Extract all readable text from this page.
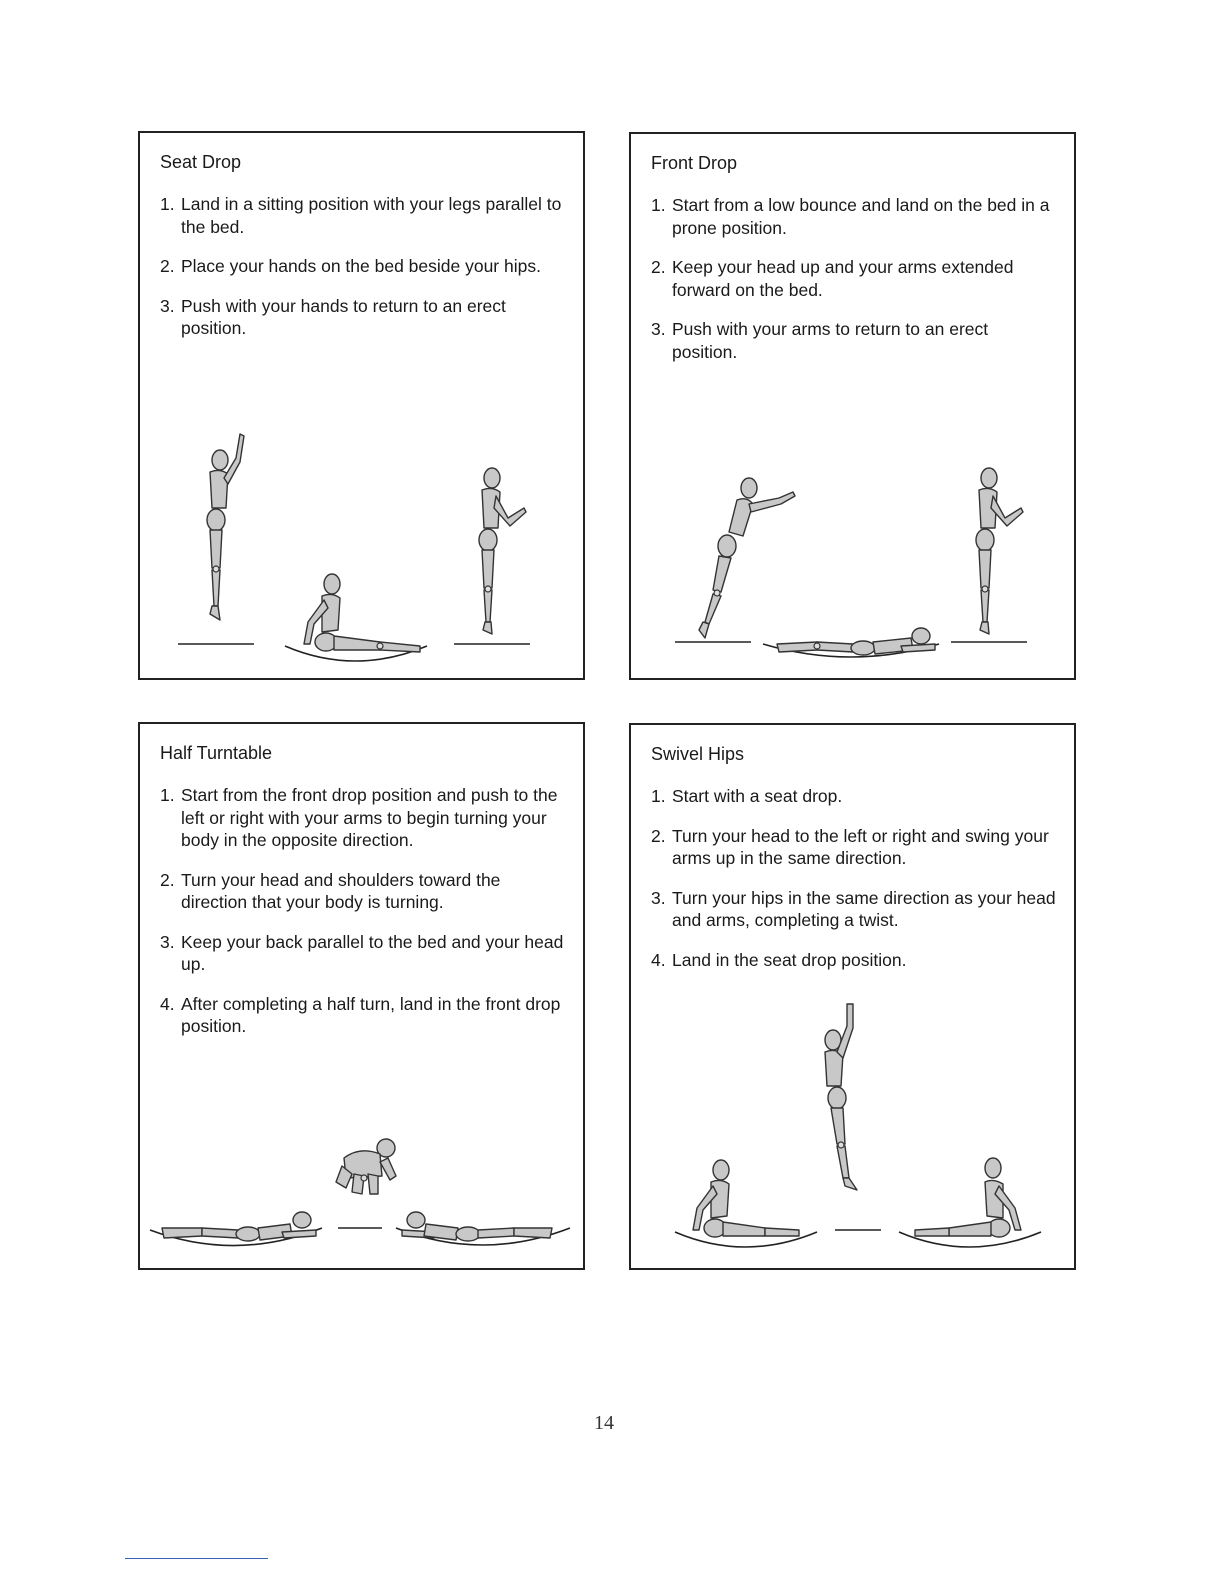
Seat Drop
1. Land in a sitting position with your legs parallel to the bed.
2. Place your hands on the bed beside your hips.
3. Push with your hands to return to an erect position.
Front Drop
1. Start from a low bounce and land on the bed in a prone position.
2. Keep your head up and your arms extended forward on the bed.
3. Push with your arms to return to an erect position.
Half Turntable
1. Start from the front drop position and push to the left or right with your arms to begin turning your body in the opposite direction.
2. Turn your head and shoulders toward the direction that your body is turning.
3. Keep your back parallel to the bed and your head up.
4. After completing a half turn, land in the front drop position.
Swivel Hips
1. Start with a seat drop.
2. Turn your head to the left or right and swing your arms up in the same direction.
3. Turn your hips in the same direction as your head and arms, completing a twist.
4. Land in the seat drop position.
14
